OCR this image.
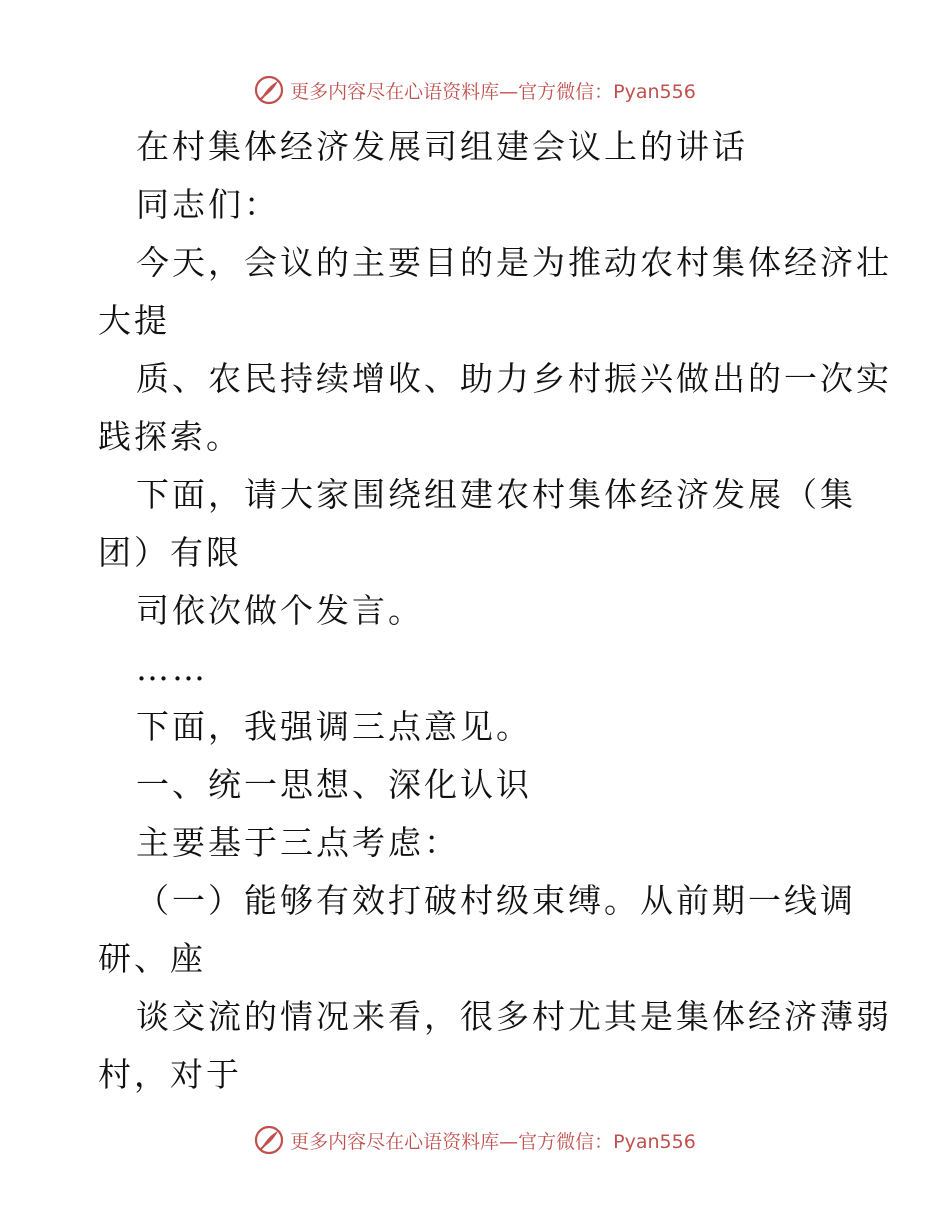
更多内容尽在心语资料库—官方微信：Pyan556
在村集体经济发展司组建会议上的讲话
同志们：
今天，会议的主要目的是为推动农村集体经济壮
大提
质、农民持续增收、助力乡村振兴做出的一次实
践探索。
下面，请大家围绕组建农村集体经济发展（集
团）有限
司依次做个发言。
……
下面，我强调三点意见。
一、统一思想、深化认识
主要基于三点考虑：
（一）能够有效打破村级束缚。从前期一线调
研、座
谈交流的情况来看，很多村尤其是集体经济薄弱
村，对于
更多内容尽在心语资料库—官方微信：Pyan556
